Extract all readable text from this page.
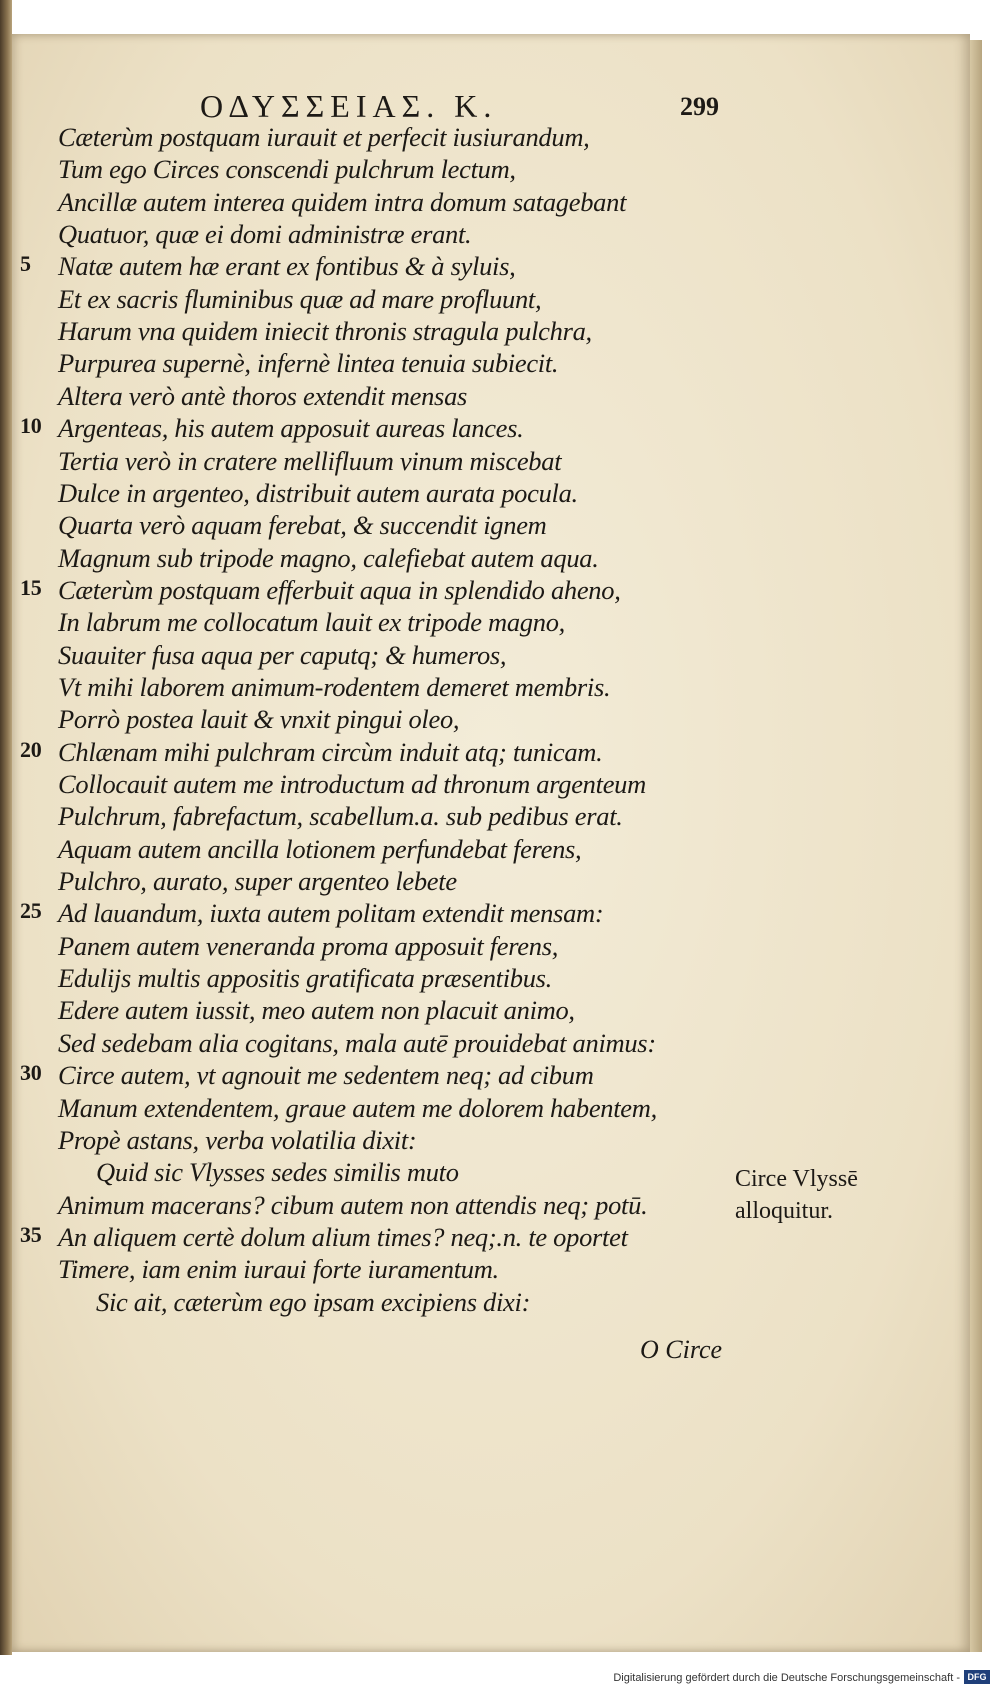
ΟΔΥΣΣΕΙΑΣ. Κ.	299
Cæterùm postquam iurauit et perfecit iusiurandum,
Tum ego Circes conscendi pulchrum lectum,
Ancillæ autem interea quidem intra domum satagebant
Quatuor, quæ ei domi administræ erant.
5	Natæ autem hæ erant ex fontibus & à syluis,
Et ex sacris fluminibus quæ ad mare profluunt,
Harum vna quidem iniecit thronis stragula pulchra,
Purpurea supernè, infernè lintea tenuia subiecit.
Altera verò antè thoros extendit mensas
10 Argenteas, his autem apposuit aureas lances.
Tertia verò in cratere mellifluum vinum miscebat
Dulce in argenteo, distribuit autem aurata pocula.
Quarta verò aquam ferebat, & succendit ignem
Magnum sub tripode magno, calefiebat autem aqua.
15 Cæterùm postquam efferbuit aqua in splendido aheno,
In labrum me collocatum lauit ex tripode magno,
Suauiter fusa aqua per caputq; & humeros,
Vt mihi laborem animum-rodentem demeret membris.
Porrò postea lauit & vnxit pingui oleo,
20 Chlænam mihi pulchram circùm induit atq; tunicam.
Collocauit autem me introductum ad thronum argenteum
Pulchrum, fabrefactum, scabellum.a. sub pedibus erat.
Aquam autem ancilla lotionem perfundebat ferens,
Pulchro, aurato, super argenteo lebete
25 Ad lauandum, iuxta autem politam extendit mensam:
Panem autem veneranda proma apposuit ferens,
Edulijs multis appositis gratificata præsentibus.
Edere autem iussit, meo autem non placuit animo,
Sed sedebam alia cogitans, mala autē prouidebat animus:
30 Circe autem, vt agnouit me sedentem neq; ad cibum
Manum extendentem, graue autem me dolorem habentem,
Propè astans, verba volatilia dixit:
Quid sic Vlysses sedes similis muto
Animum macerans? cibum autem non attendis neq; potū.
35 An aliquem certè dolum alium times? neq;.n. te oportet
Timere, iam enim iuraui forte iuramentum.
Sic ait, cæterùm ego ipsam excipiens dixi:
Circe Vlyssē
alloquitur.
O Circe
Digitalisierung gefördert durch die Deutsche Forschungsgemeinschaft - DFG
